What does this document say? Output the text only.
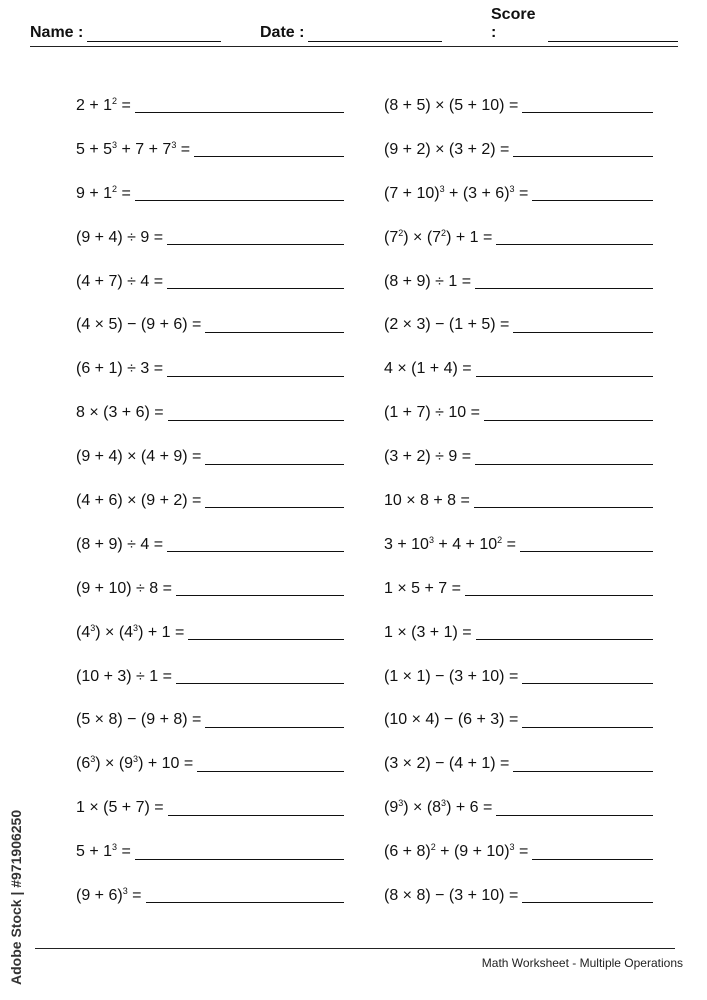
Name :	Date :
Score :
$2 + 1^2$ =
$5 + 5^3 + 7 + 7^3$ =
$9 + 1^2$ =
(9 + 4) ÷ 9 =
(4 + 7) ÷ 4 =
(4 × 5) − (9 + 6) =
(6 + 1) ÷ 3 =
8 × (3 + 6) =
(9 + 4) × (4 + 9) =
(4 + 6) × (9 + 2) =
(8 + 9) ÷ 4 =
(9 + 10) ÷ 8 =
$(4^3) \times (4^3) + 1$ =
(10 + 3) ÷ 1 =
(5 × 8) − (9 + 8) =
$(6^3) \times (9^3) + 10$ =
1 × (5 + 7) =
$5 + 1^3$ =
$(9 + 6)^3$ =
(8 + 5) × (5 + 10) =
(9 + 2) × (3 + 2) =
$(7 + 10)^3 + (3 + 6)^3$ =
$(7^2) \times (7^2) + 1$ =
(8 + 9) ÷ 1 =
(2 × 3) − (1 + 5) =
4 × (1 + 4) =
(1 + 7) ÷ 10 =
(3 + 2) ÷ 9 =
10 × 8 + 8 =
$3 + 10^3 + 4 + 10^2$ =
1 × 5 + 7 =
1 × (3 + 1) =
(1 × 1) − (3 + 10) =
(10 × 4) − (6 + 3) =
(3 × 2) − (4 + 1) =
$(9^3) \times (8^3) + 6$ =
$(6 + 8)^2 + (9 + 10)^3$ =
(8 × 8) − (3 + 10) =
Math Worksheet - Multiple Operations
Adobe Stock | #971906250
